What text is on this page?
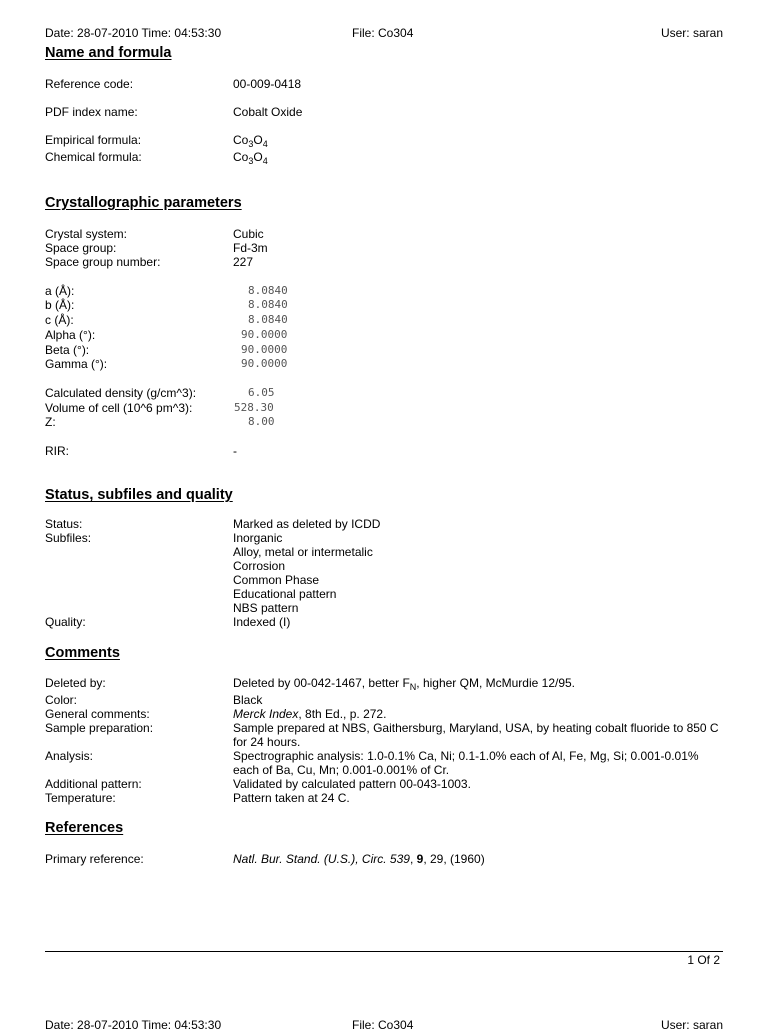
Date: 28-07-2010 Time: 04:53:30	File: Co304	User: saran
Name and formula
Reference code:	00-009-0418
PDF index name:	Cobalt Oxide
Empirical formula:	$Co_3O_4$
Chemical formula:	$Co_3O_4$
Crystallographic parameters
Crystal system:	Cubic
Space group:	Fd-3m
Space group number:	227
a (Å):	8.0840
b (Å):	8.0840
c (Å):	8.0840
Alpha (°):	90.0000
Beta (°):	90.0000
Gamma (°):	90.0000
Calculated density (g/cm^3):	6.05
Volume of cell (10^6 pm^3):	528.30
Z:	8.00
RIR:	-
Status, subfiles and quality
Status:	Marked as deleted by ICDD
Subfiles:	Inorganic
Alloy, metal or intermetalic
Corrosion
Common Phase
Educational pattern
NBS pattern
Quality:	Indexed (I)
Comments
Deleted by:	Deleted by 00-042-1467, better $F_N$, higher QM, McMurdie 12/95.
Color:	Black
General comments:	Merck Index, 8th Ed., p. 272.
Sample preparation:	Sample prepared at NBS, Gaithersburg, Maryland, USA, by heating cobalt fluoride to 850 C for 24 hours.
Analysis:	Spectrographic analysis: 1.0-0.1% Ca, Ni; 0.1-1.0% each of Al, Fe, Mg, Si; 0.001-0.01% each of Ba, Cu, Mn; 0.001-0.001% of Cr.
Additional pattern:	Validated by calculated pattern 00-043-1003.
Temperature:	Pattern taken at 24 C.
References
Primary reference:	Natl. Bur. Stand. (U.S.), Circ. 539, 9, 29, (1960)
1 Of 2
Date: 28-07-2010 Time: 04:53:30	File: Co304	User: saran
